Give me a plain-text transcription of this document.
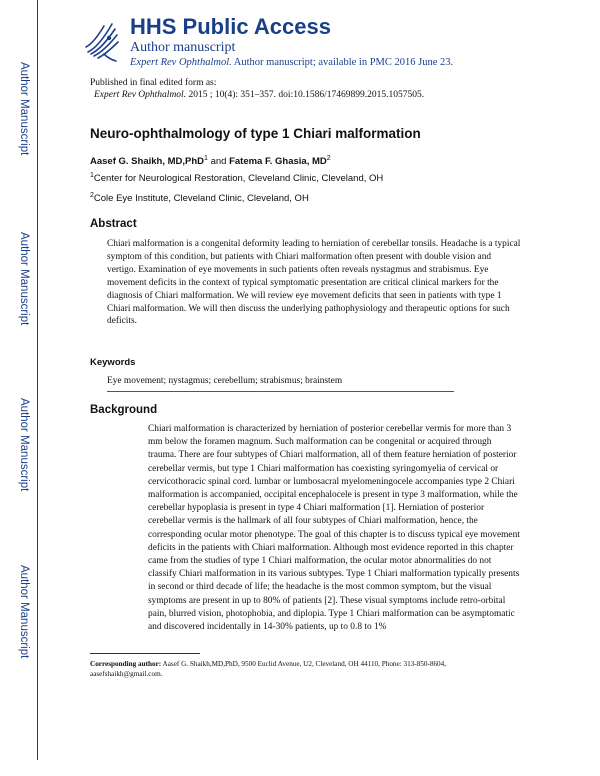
Author Manuscript
Author Manuscript
Author Manuscript
Author Manuscript
HHS Public Access
Author manuscript
Expert Rev Ophthalmol. Author manuscript; available in PMC 2016 June 23.
Published in final edited form as:
Expert Rev Ophthalmol. 2015 ; 10(4): 351–357. doi:10.1586/17469899.2015.1057505.
Neuro-ophthalmology of type 1 Chiari malformation
Aasef G. Shaikh, MD,PhD$^1$ and Fatema F. Ghasia, $MD^2$
$^1$Center for Neurological Restoration, Cleveland Clinic, Cleveland, OH
$^2$Cole Eye Institute, Cleveland Clinic, Cleveland, OH
Abstract

Chiari malformation is a congenital deformity leading to herniation of cerebellar tonsils. Headache is a typical symptom of this condition, but patients with Chiari malformation often present with double vision and vertigo. Examination of eye movements in such patients often reveals nystagmus and strabismus. Eye movement deficits in the context of typical symptomatic presentation are critical clinical markers for the diagnosis of Chiari malformation. We will review eye movement deficits that seen in patients with type 1 Chiari malformation. We will then discuss the underlying pathophysiology and therapeutic options for such deficits.

Keywords
Eye movement; nystagmus; cerebellum; strabismus; brainstem
Background

Chiari malformation is characterized by herniation of posterior cerebellar vermis for more than 3 mm below the foramen magnum. Such malformation can be congenital or acquired through trauma. There are four subtypes of Chiari malformation, all of them feature herniation of posterior cerebellar vermis, but type 1 Chiari malformation has coexisting syringomyelia of cervical or cervicothoracic spinal cord. lumbar or lumbosacral myelomeningocele accompanies type 2 Chiari malformation is accompanied, occipital encephalocele is present in type 3 malformation, while the cerebellar hypoplasia is present in type 4 Chiari malformation [1]. Herniation of posterior cerebellar vermis is the hallmark of all four subtypes of Chiari malformation, hence, the corresponding ocular motor phenotype. The goal of this chapter is to discuss typical eye movement deficits in the patients with Chiari malformation. Although most evidence reported in this chapter came from the studies of type 1 Chiari malformation, the ocular motor abnormalities do not classify Chiari malformation in its various subtypes. Type 1 Chiari malformation typically presents in second or third decade of life; the headache is the most common symptom, but the visual symptoms are present in up to 80% of patients [2]. These visual symptoms include retro-orbital pain, blurred vision, photophobia, and diplopia. Type 1 Chiari malformation can be asymptomatic and discovered incidentally in 14-30% patients, up to 0.8 to 1%

Corresponding author: Aasef G. Shaikh,MD,PhD, 9500 Euclid Avenue, U2, Cleveland, OH 44110, Phone: 313-850-8604, aasefshaikh@gmail.com.
